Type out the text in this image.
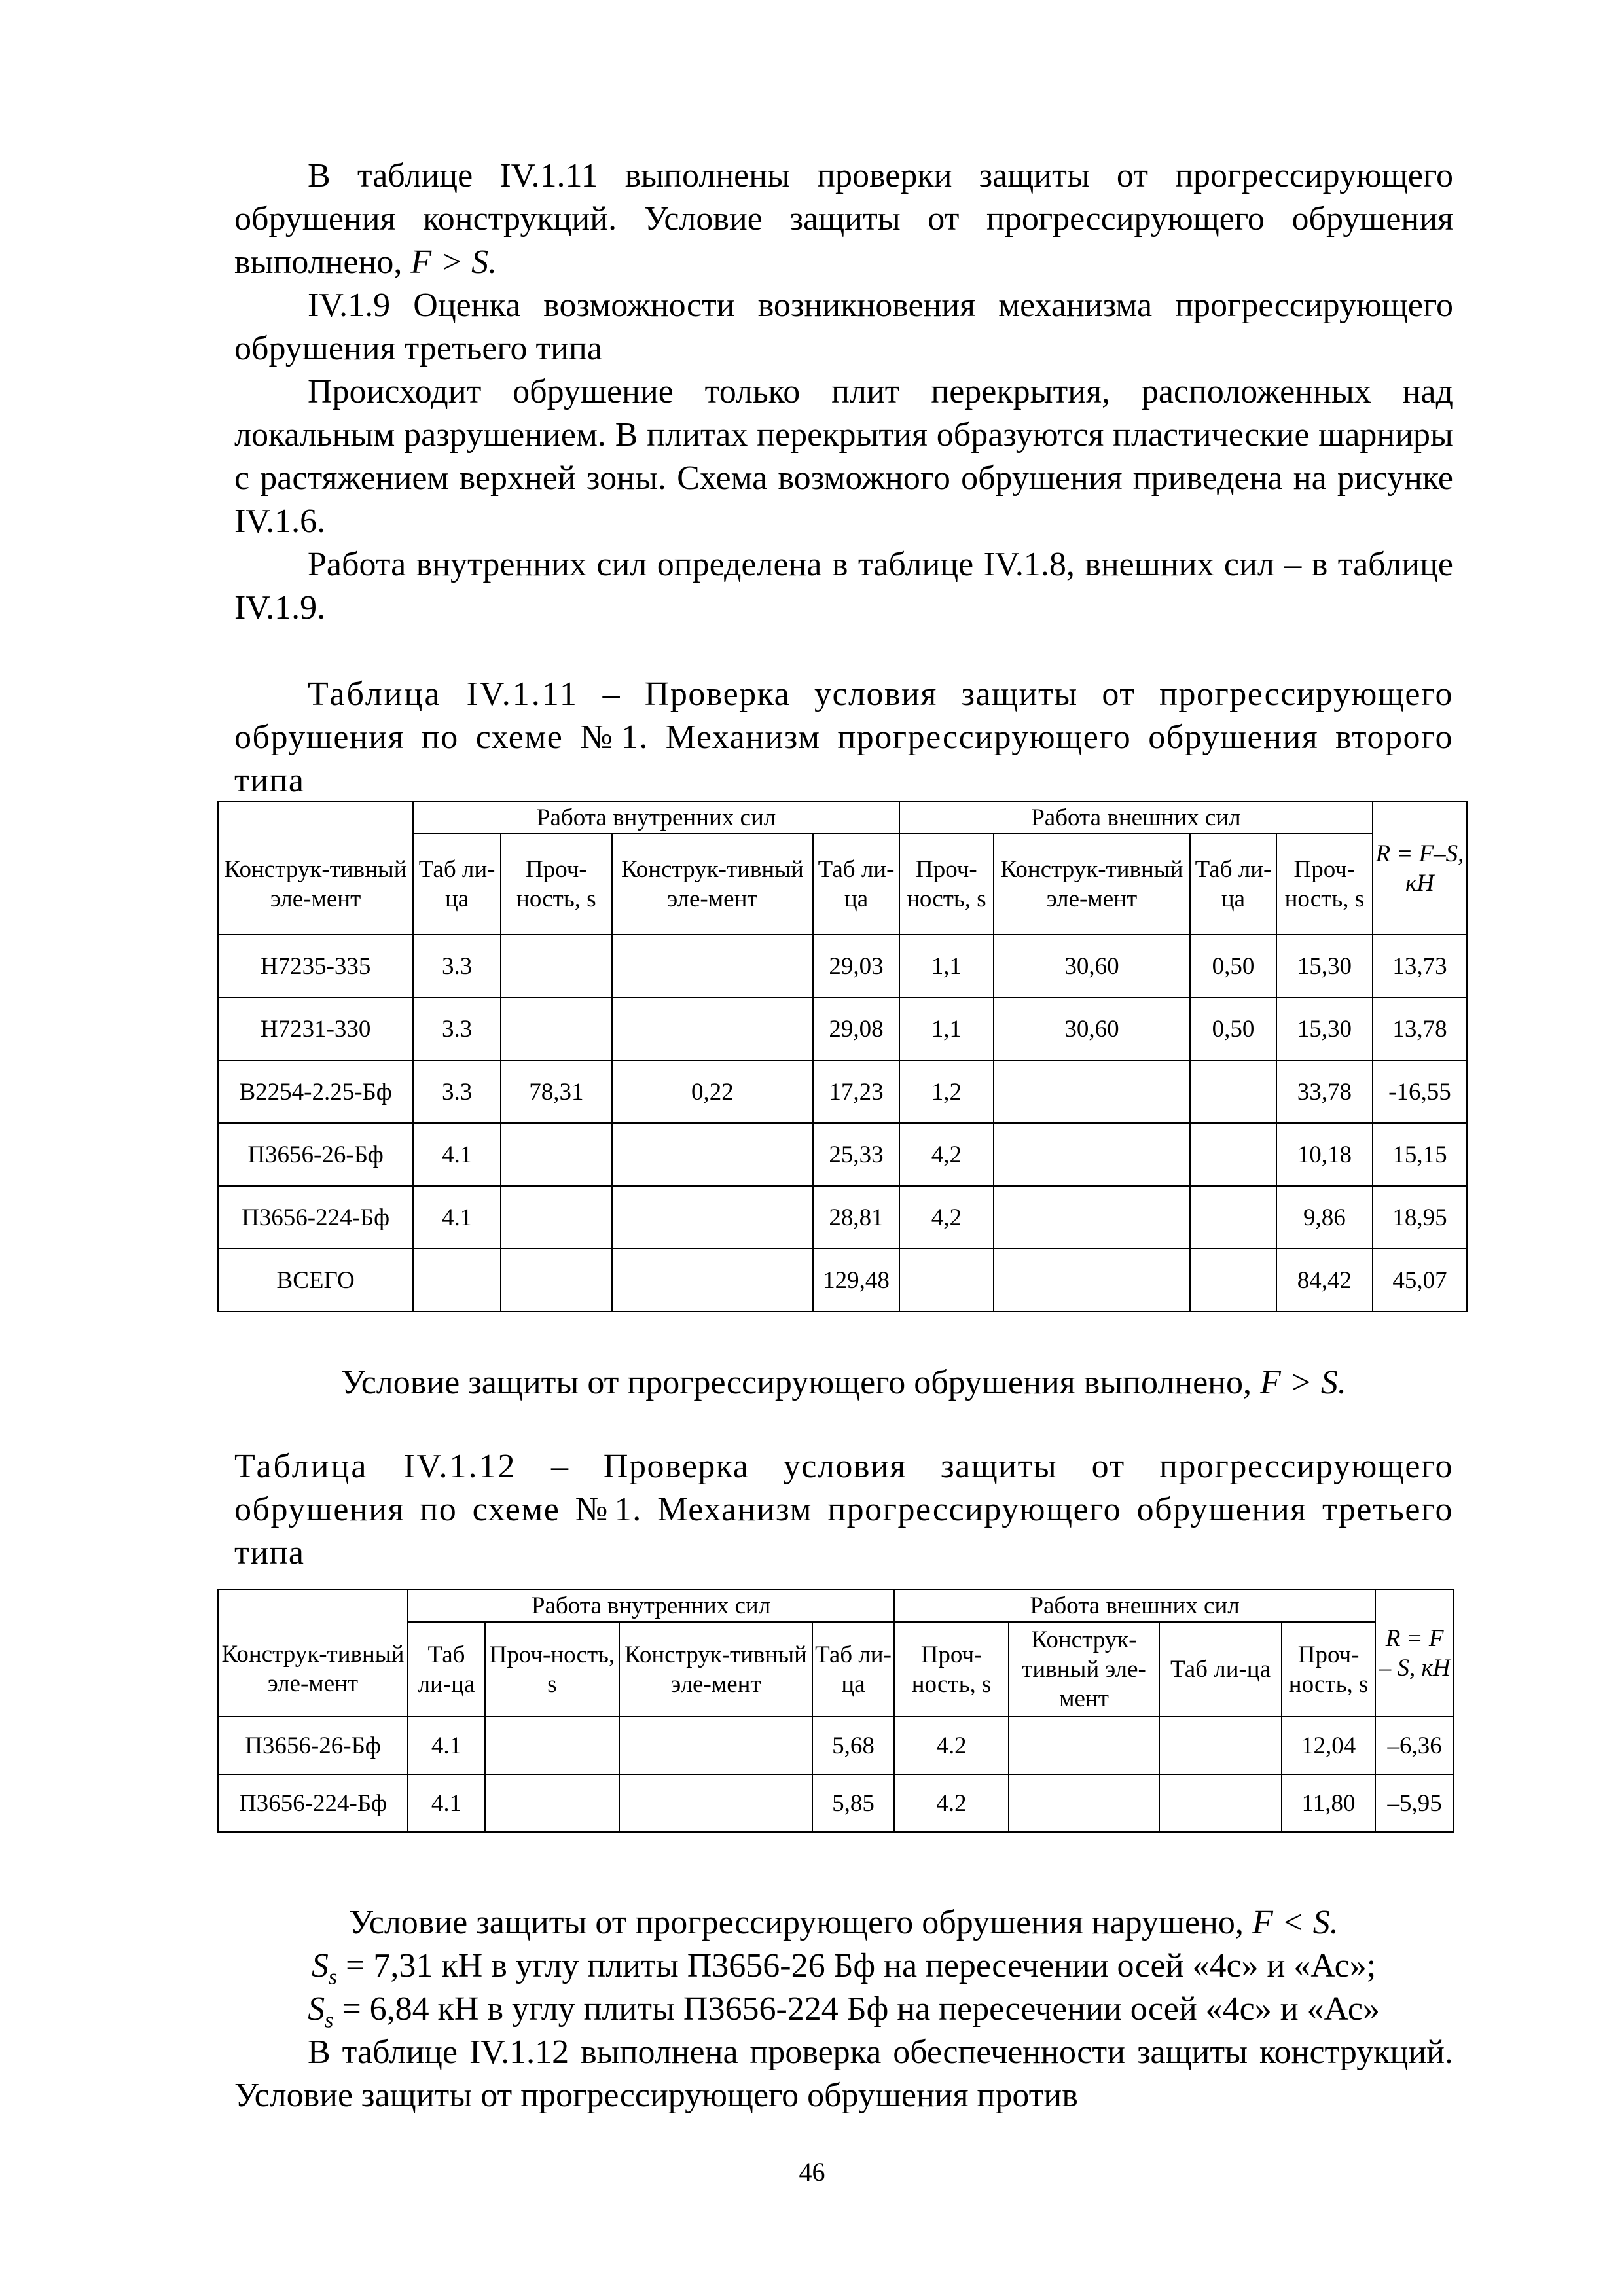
В таблице IV.1.11 выполнены проверки защиты от прогрессирующего обрушения конструкций. Условие защиты от прогрессирующего обрушения выполнено, F > S.

IV.1.9 Оценка возможности возникновения механизма прогрессирующего обрушения третьего типа

Происходит обрушение только плит перекрытия, расположенных над локальным разрушением. В плитах перекрытия образуются пластические шарниры с растяжением верхней зоны. Схема возможного обрушения приведена на рисунке IV.1.6.

Работа внутренних сил определена в таблице IV.1.8, внешних сил – в таблице IV.1.9.

Таблица IV.1.11 – Проверка условия защиты от прогрессирующего обрушения по схеме №1. Механизм прогрессирующего обрушения второго типа

	Работа внутренних сил				Работа внешних сил				R = F–S, кН
Конструк-тивный эле-мент	Таб ли-ца	Проч-ность, s	Конструк-тивный эле-мент	Таб ли-ца	Проч-ность, s	Конструк-тивный эле-мент	Таб ли-ца	Проч-ность, s	
Н7235-335	3.3			29,03	1,1	30,60	0,50	15,30	13,73
Н7231-330	3.3			29,08	1,1	30,60	0,50	15,30	13,78
В2254-2.25-Бф	3.3	78,31	0,22	17,23	1,2			33,78	-16,55
П3656-26-Бф	4.1			25,33	4,2			10,18	15,15
П3656-224-Бф	4.1			28,81	4,2			9,86	18,95
ВСЕГО				129,48				84,42	45,07

Условие защиты от прогрессирующего обрушения выполнено, F > S.

Таблица IV.1.12 – Проверка условия защиты от прогрессирующего обрушения по схеме №1. Механизм прогрессирующего обрушения третьего типа

	Работа внутренних сил				Работа внешних сил				R = F – S, кН
Конструк-тивный эле-мент	Таб ли-ца	Проч-ность, s	Конструк-тивный эле-мент	Таб ли-ца	Проч-ность, s	Конструк-тивный эле-мент	Таб ли-ца	Проч-ность, s	
П3656-26-Бф	4.1			5,68	4.2			12,04	–6,36
П3656-224-Бф	4.1			5,85	4.2			11,80	–5,95

Условие защиты от прогрессирующего обрушения нарушено, F < S.

$S_s = 7,31$ кН в углу плиты П3656-26 Бф на пересечении осей «4с» и «Ас»;

$S_s = 6,84$ кН в углу плиты П3656-224 Бф на пересечении осей «4с» и «Ас»

В таблице IV.1.12 выполнена проверка обеспеченности защиты конструкций. Условие защиты от прогрессирующего обрушения против

46
